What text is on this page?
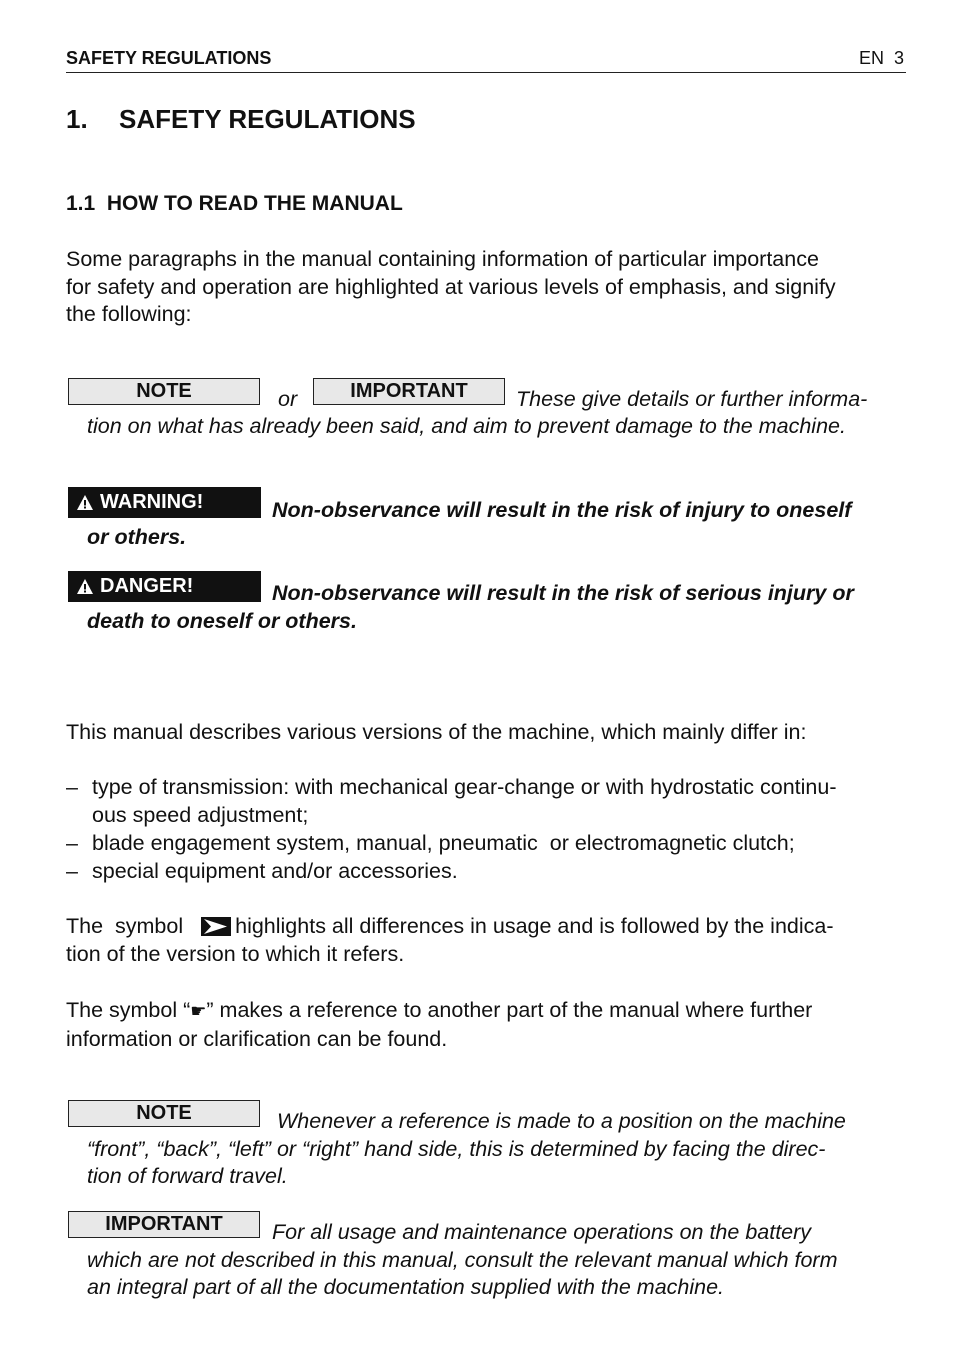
SAFETY REGULATIONS	EN  3
1. SAFETY REGULATIONS
1.1  HOW TO READ THE MANUAL
Some paragraphs in the manual containing information of particular importance
for safety and operation are highlighted at various levels of emphasis, and signify
the following:
NOTE	or	IMPORTANT	These give details or further informa-
tion on what has already been said, and aim to prevent damage to the machine.
WARNING!	Non-observance will result in the risk of injury to oneself
or others.
DANGER!	Non-observance will result in the risk of serious injury or
death to oneself or others.
This manual describes various versions of the machine, which mainly differ in:
– type of transmission: with mechanical gear-change or with hydrostatic continu-
ous speed adjustment;
– blade engagement system, manual, pneumatic  or electromagnetic clutch;
– special equipment and/or accessories.
The  symbol highlights all differences in usage and is followed by the indica-
tion of the version to which it refers.
The symbol “☛” makes a reference to another part of the manual where further
information or clarification can be found.
NOTE	Whenever a reference is made to a position on the machine
“front”, “back”, “left” or “right” hand side, this is determined by facing the direc-
tion of forward travel.
IMPORTANT	For all usage and maintenance operations on the battery
which are not described in this manual, consult the relevant manual which form
an integral part of all the documentation supplied with the machine.
